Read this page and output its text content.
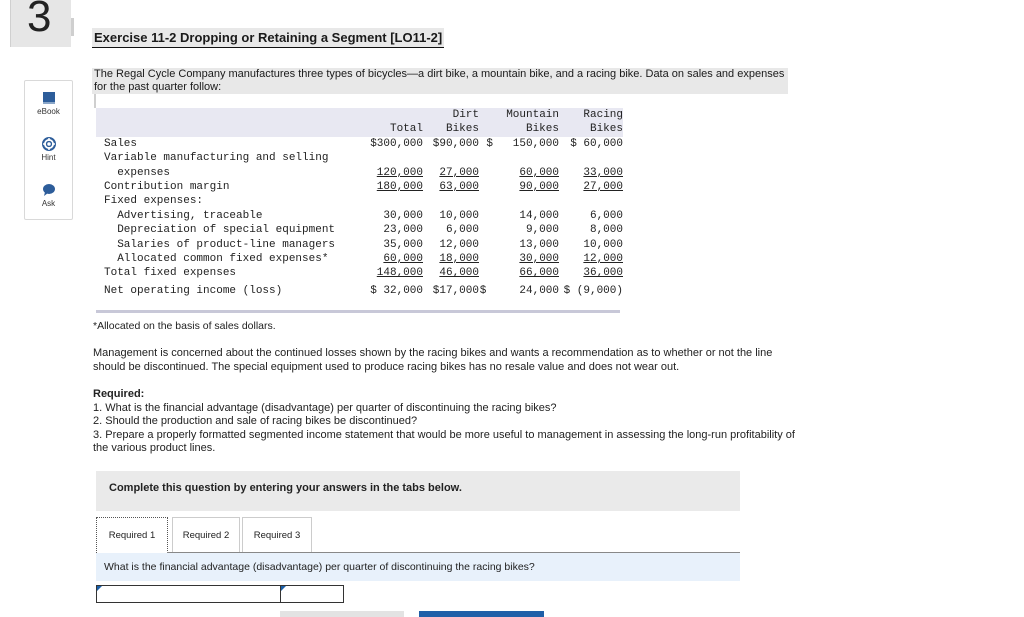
3
eBook
Hint
Ask
Exercise 11-2 Dropping or Retaining a Segment [LO11-2]
The Regal Cycle Company manufactures three types of bicycles—a dirt bike, a mountain bike, and a racing bike. Data on sales and expenses for the past quarter follow:
		Dirt	Mountain	Racing
	Total	Bikes	Bikes	Bikes
Sales	$300,000	$90,000	$   150,000	$ 60,000
Variable manufacturing and selling				
expenses	120,000	27,000	60,000	33,000
Contribution margin	180,000	63,000	90,000	27,000
Fixed expenses:				
Advertising, traceable	30,000	10,000	14,000	6,000
Depreciation of special equipment	23,000	6,000	9,000	8,000
Salaries of product-line managers	35,000	12,000	13,000	10,000
Allocated common fixed expenses*	60,000	18,000	30,000	12,000
Total fixed expenses	148,000	46,000	66,000	36,000
Net operating income (loss)	$ 32,000	$17,000	$     24,000	$ (9,000)
*Allocated on the basis of sales dollars.
Management is concerned about the continued losses shown by the racing bikes and wants a recommendation as to whether or not the line should be discontinued. The special equipment used to produce racing bikes has no resale value and does not wear out.
Required:
1. What is the financial advantage (disadvantage) per quarter of discontinuing the racing bikes?
2. Should the production and sale of racing bikes be discontinued?
3. Prepare a properly formatted segmented income statement that would be more useful to management in assessing the long-run profitability of the various product lines.
Complete this question by entering your answers in the tabs below.
Required 1	Required 2	Required 3
What is the financial advantage (disadvantage) per quarter of discontinuing the racing bikes?
